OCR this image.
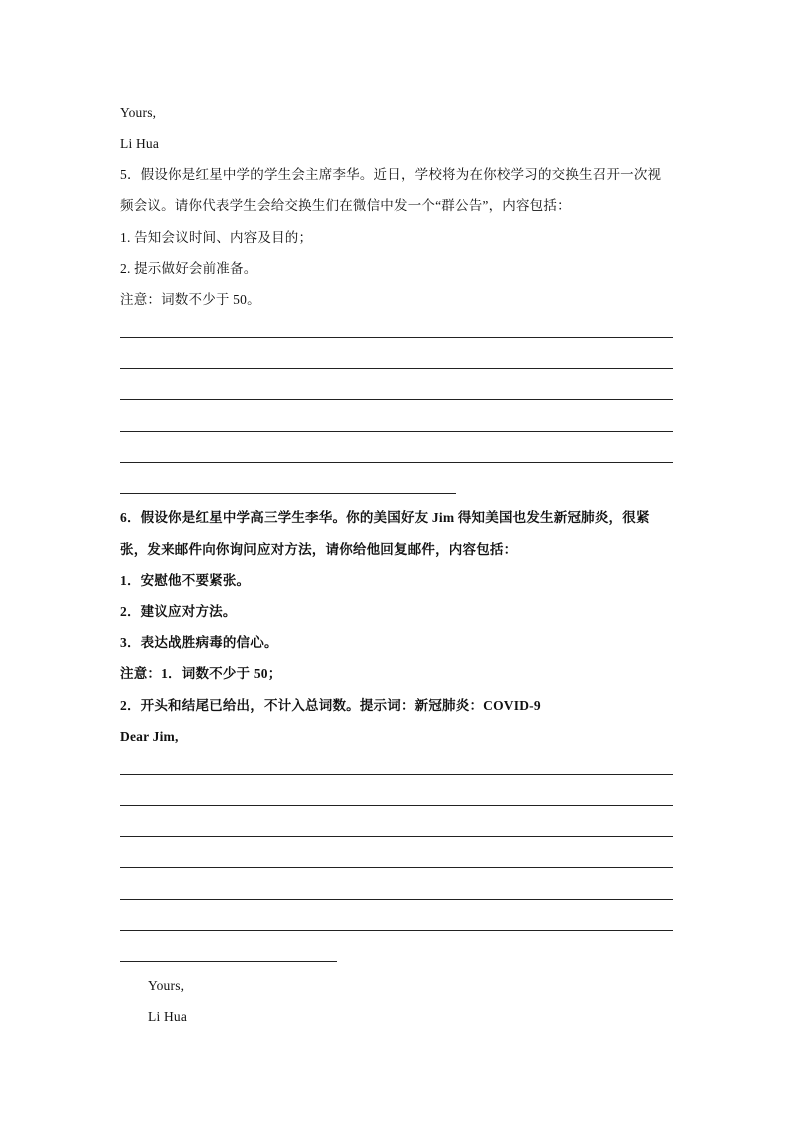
Yours,
Li Hua
5．假设你是红星中学的学生会主席李华。近日，学校将为在你校学习的交换生召开一次视
频会议。请你代表学生会给交换生们在微信中发一个“群公告”，内容包括：
1. 告知会议时间、内容及目的；
2. 提示做好会前准备。
注意：词数不少于 50。
6．假设你是红星中学高三学生李华。你的美国好友 Jim 得知美国也发生新冠肺炎，很紧
张，发来邮件向你询问应对方法，请你给他回复邮件，内容包括：
1．安慰他不要紧张。
2．建议应对方法。
3．表达战胜病毒的信心。
注意：1．词数不少于 50；
2．开头和结尾已给出，不计入总词数。提示词：新冠肺炎：COVID-9
Dear Jim,
Yours,
Li Hua
